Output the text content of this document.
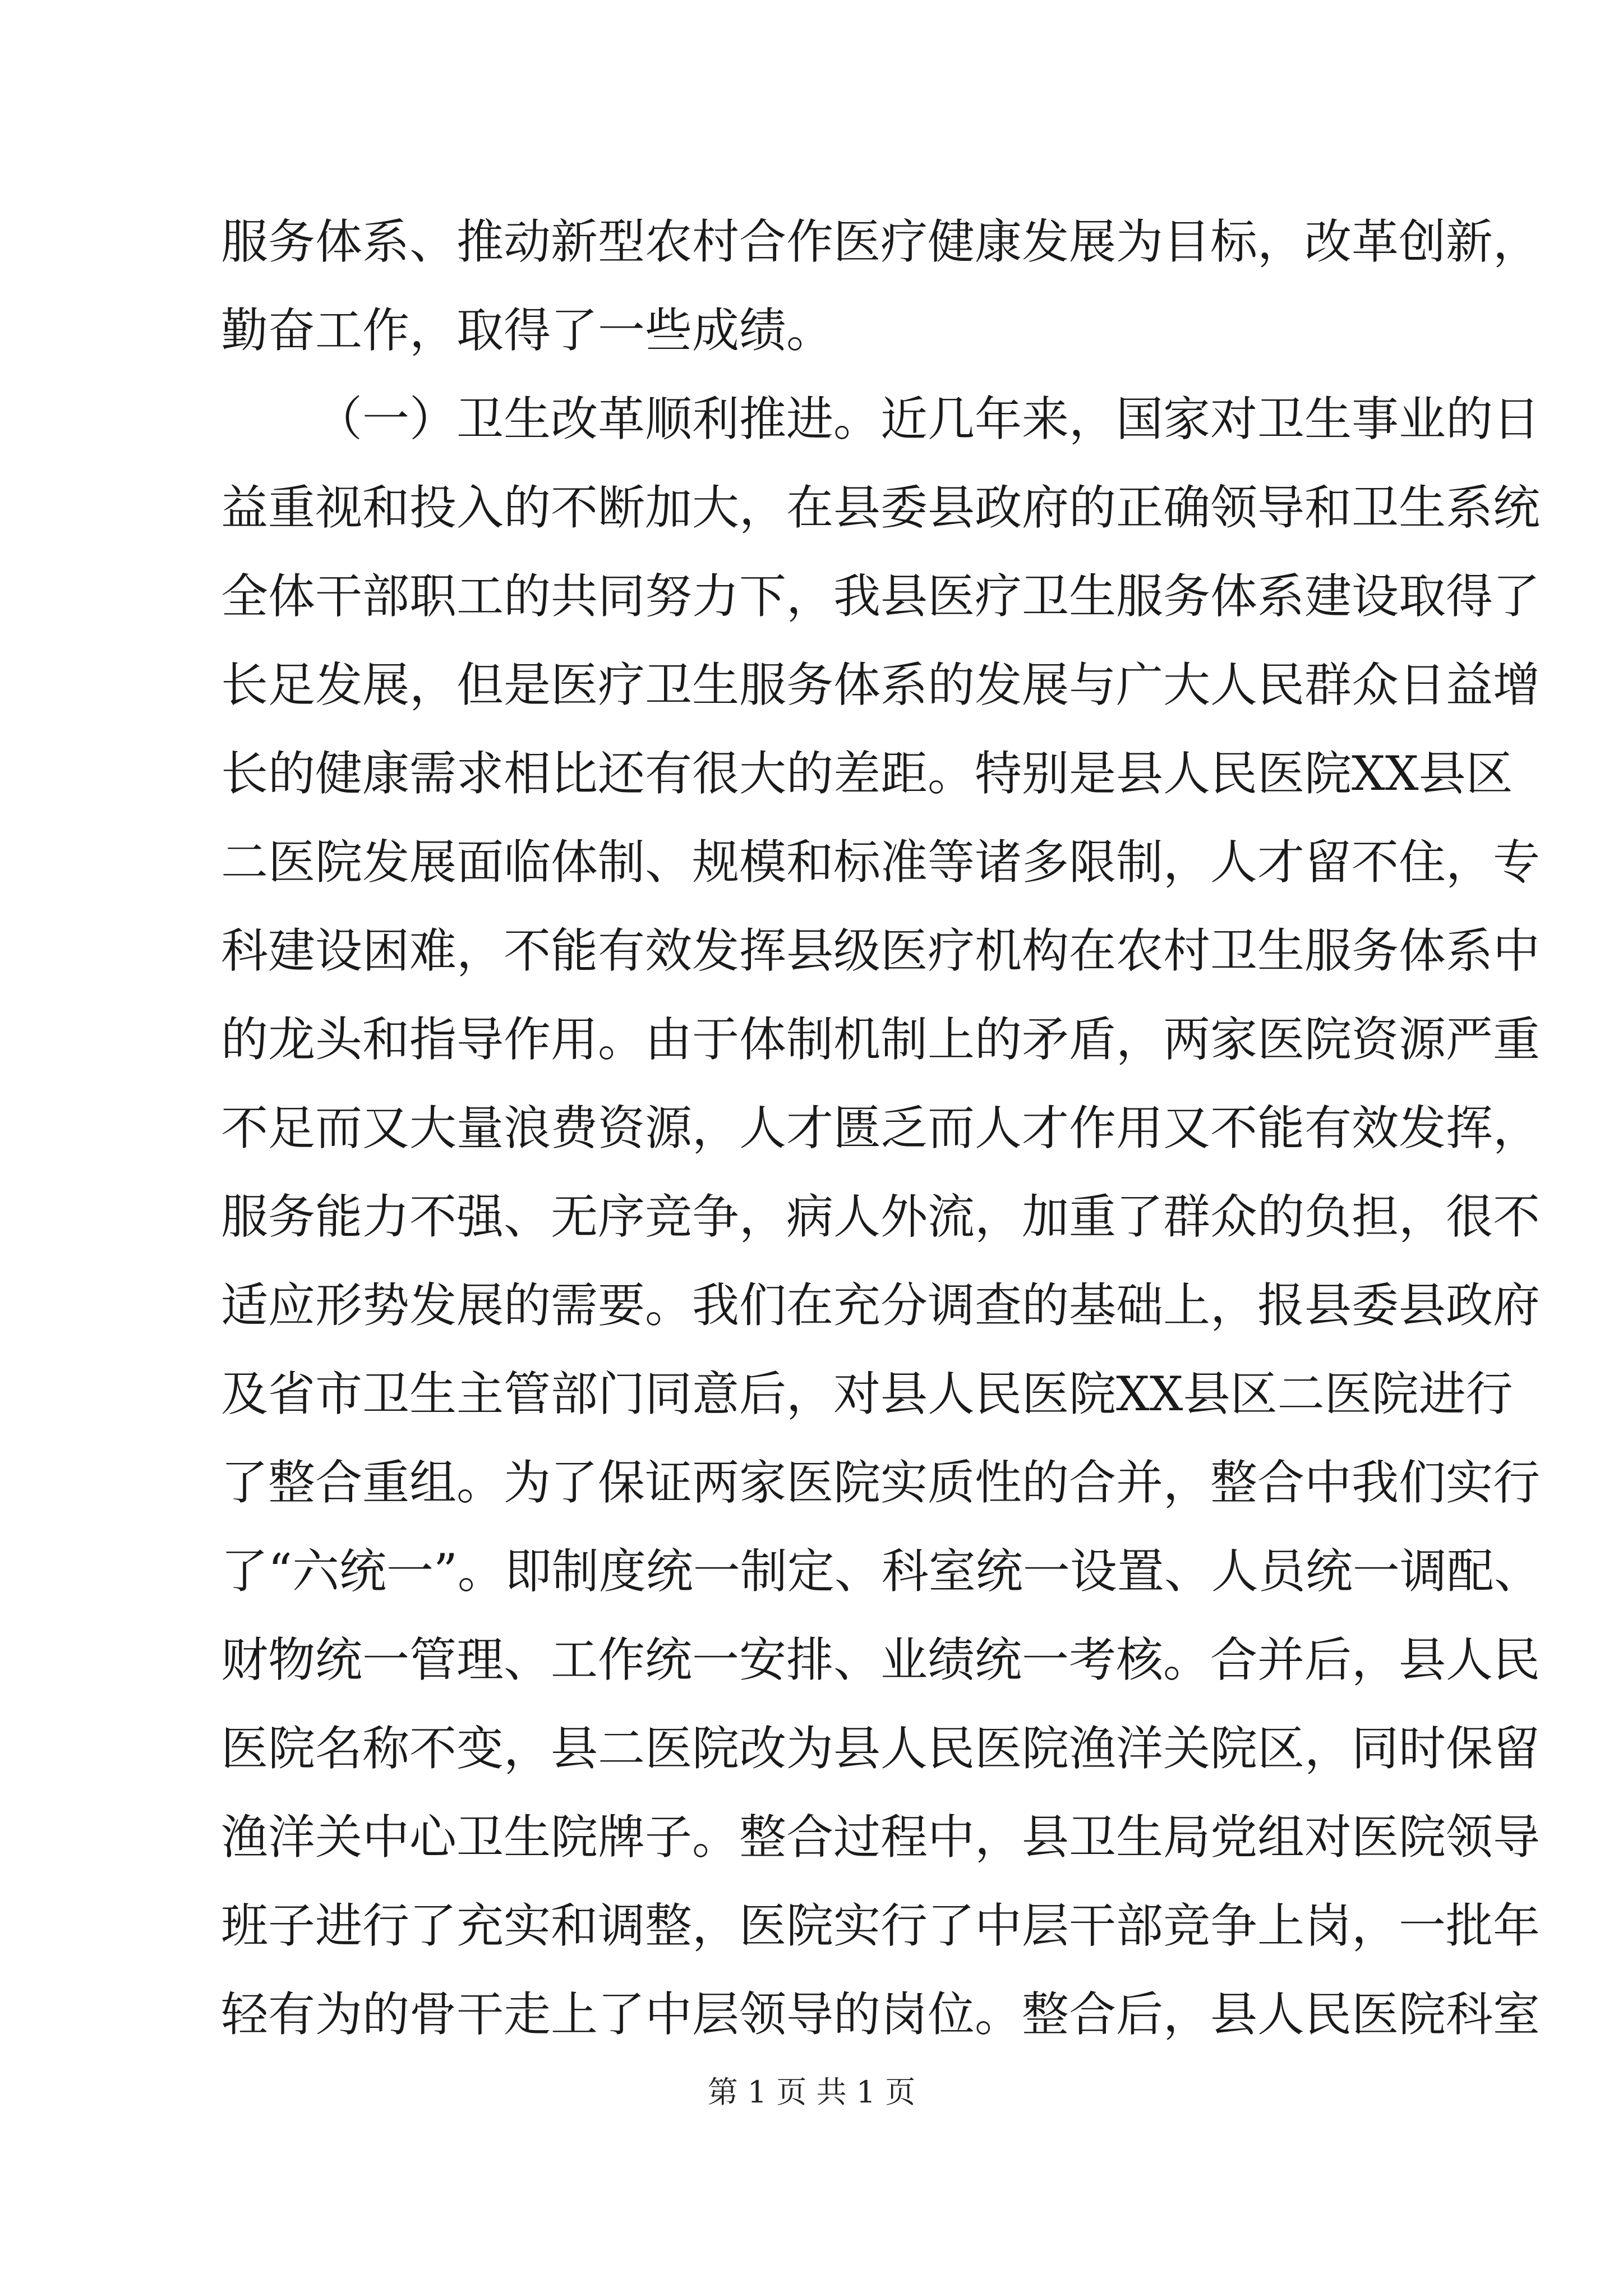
服务体系、推动新型农村合作医疗健康发展为目标，改革创新，
勤奋工作，取得了一些成绩。
（一）卫生改革顺利推进。近几年来，国家对卫生事业的日
益重视和投入的不断加大，在县委县政府的正确领导和卫生系统
全体干部职工的共同努力下，我县医疗卫生服务体系建设取得了
长足发展，但是医疗卫生服务体系的发展与广大人民群众日益增
长的健康需求相比还有很大的差距。特别是县人民医院XX县区
二医院发展面临体制、规模和标准等诸多限制，人才留不住，专
科建设困难，不能有效发挥县级医疗机构在农村卫生服务体系中
的龙头和指导作用。由于体制机制上的矛盾，两家医院资源严重
不足而又大量浪费资源，人才匮乏而人才作用又不能有效发挥，
服务能力不强、无序竞争，病人外流，加重了群众的负担，很不
适应形势发展的需要。我们在充分调查的基础上，报县委县政府
及省市卫生主管部门同意后，对县人民医院XX县区二医院进行
了整合重组。为了保证两家医院实质性的合并，整合中我们实行
了“六统一”。即制度统一制定、科室统一设置、人员统一调配、
财物统一管理、工作统一安排、业绩统一考核。合并后，县人民
医院名称不变，县二医院改为县人民医院渔洋关院区，同时保留
渔洋关中心卫生院牌子。整合过程中，县卫生局党组对医院领导
班子进行了充实和调整，医院实行了中层干部竞争上岗，一批年
轻有为的骨干走上了中层领导的岗位。整合后，县人民医院科室
第 1 页 共 1 页
